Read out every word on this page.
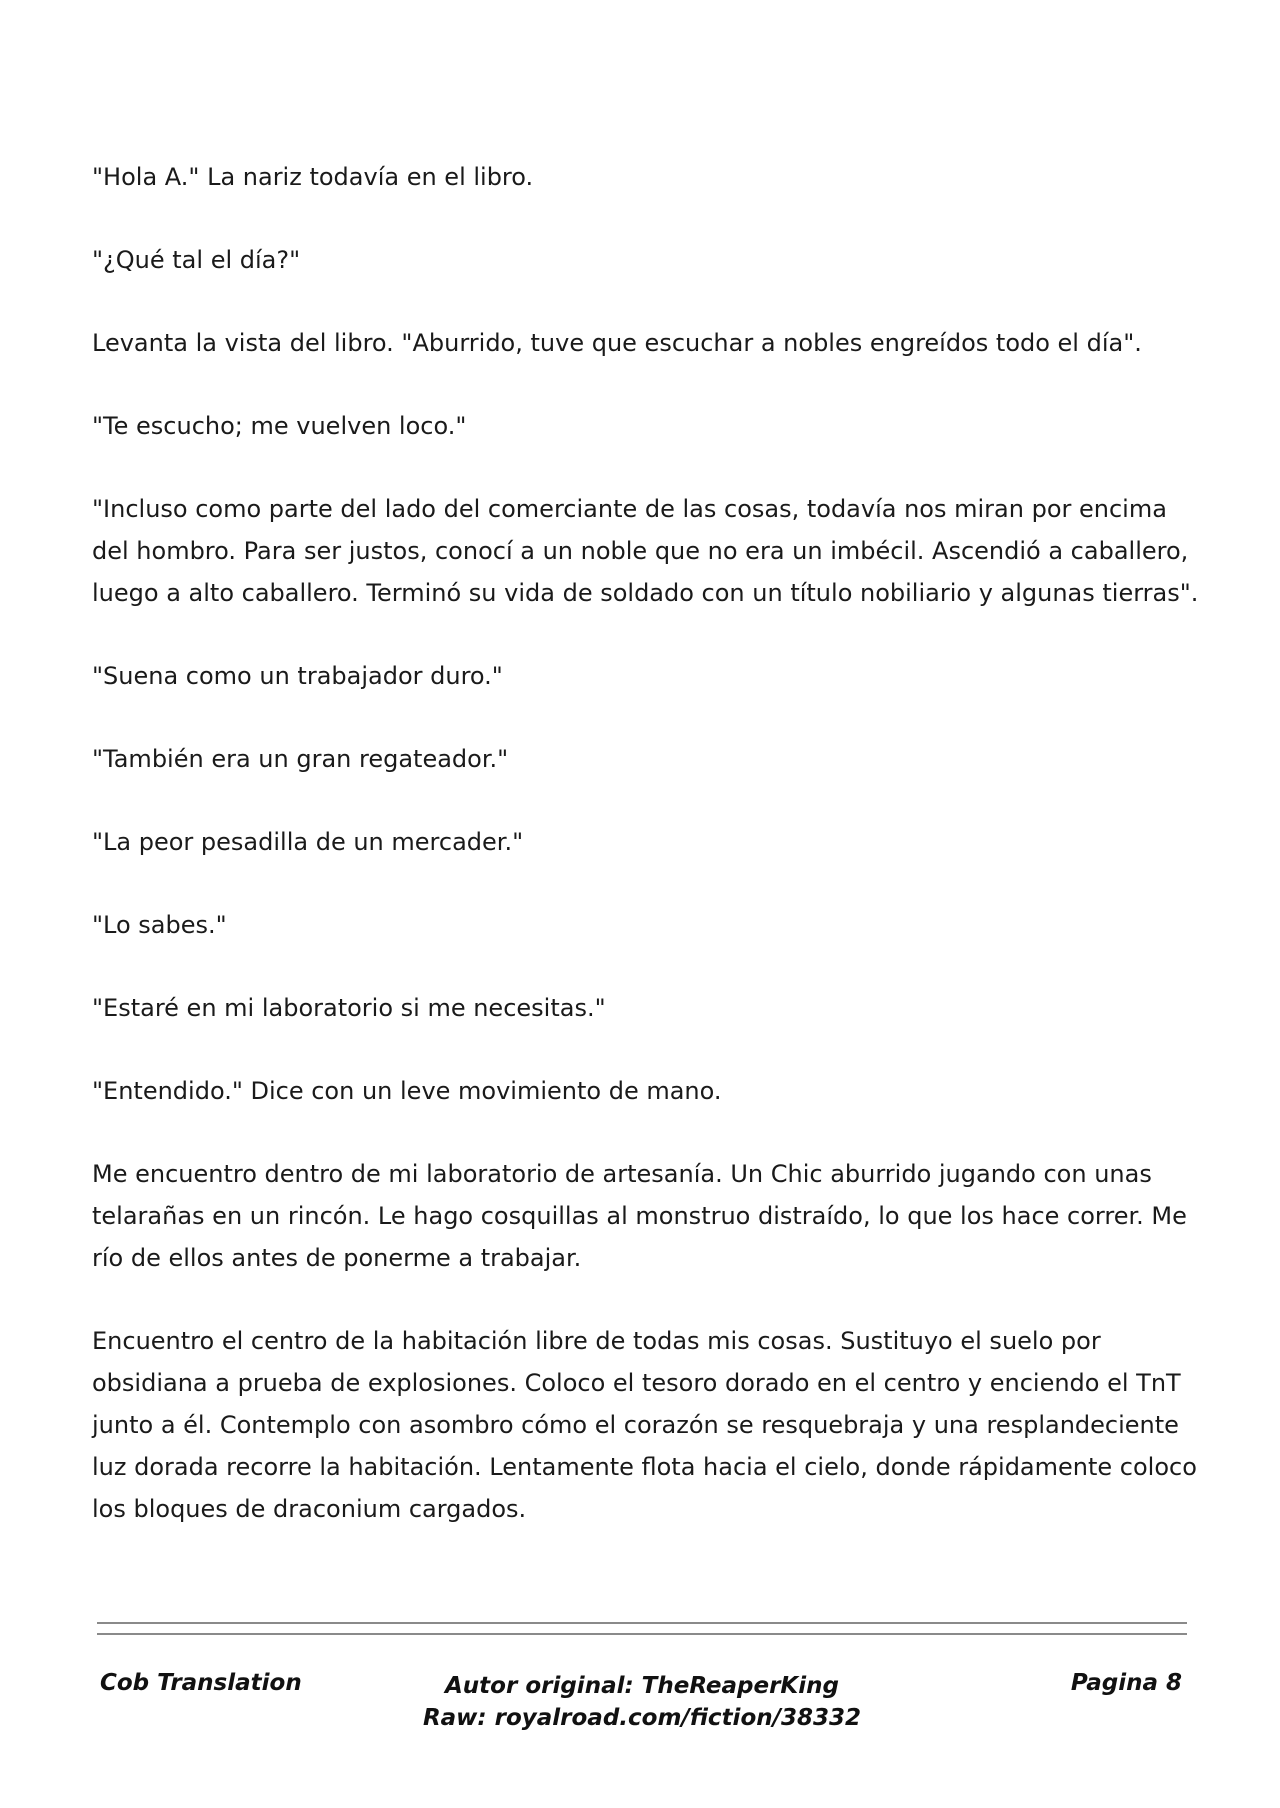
"Hola A." La nariz todavía en el libro.

"¿Qué tal el día?"

Levanta la vista del libro. "Aburrido, tuve que escuchar a nobles engreídos todo el día".

"Te escucho; me vuelven loco."

"Incluso como parte del lado del comerciante de las cosas, todavía nos miran por encima del hombro. Para ser justos, conocí a un noble que no era un imbécil. Ascendió a caballero, luego a alto caballero. Terminó su vida de soldado con un título nobiliario y algunas tierras".

"Suena como un trabajador duro."

"También era un gran regateador."

"La peor pesadilla de un mercader."

"Lo sabes."

"Estaré en mi laboratorio si me necesitas."

"Entendido." Dice con un leve movimiento de mano.

Me encuentro dentro de mi laboratorio de artesanía. Un Chic aburrido jugando con unas telarañas en un rincón. Le hago cosquillas al monstruo distraído, lo que los hace correr. Me río de ellos antes de ponerme a trabajar.

Encuentro el centro de la habitación libre de todas mis cosas. Sustituyo el suelo por obsidiana a prueba de explosiones. Coloco el tesoro dorado en el centro y enciendo el TnT junto a él. Contemplo con asombro cómo el corazón se resquebraja y una resplandeciente luz dorada recorre la habitación. Lentamente flota hacia el cielo, donde rápidamente coloco los bloques de draconium cargados.

Cob Translation	Autor original: TheReaperKing
Raw: royalroad.com/fiction/38332
Pagina 8
